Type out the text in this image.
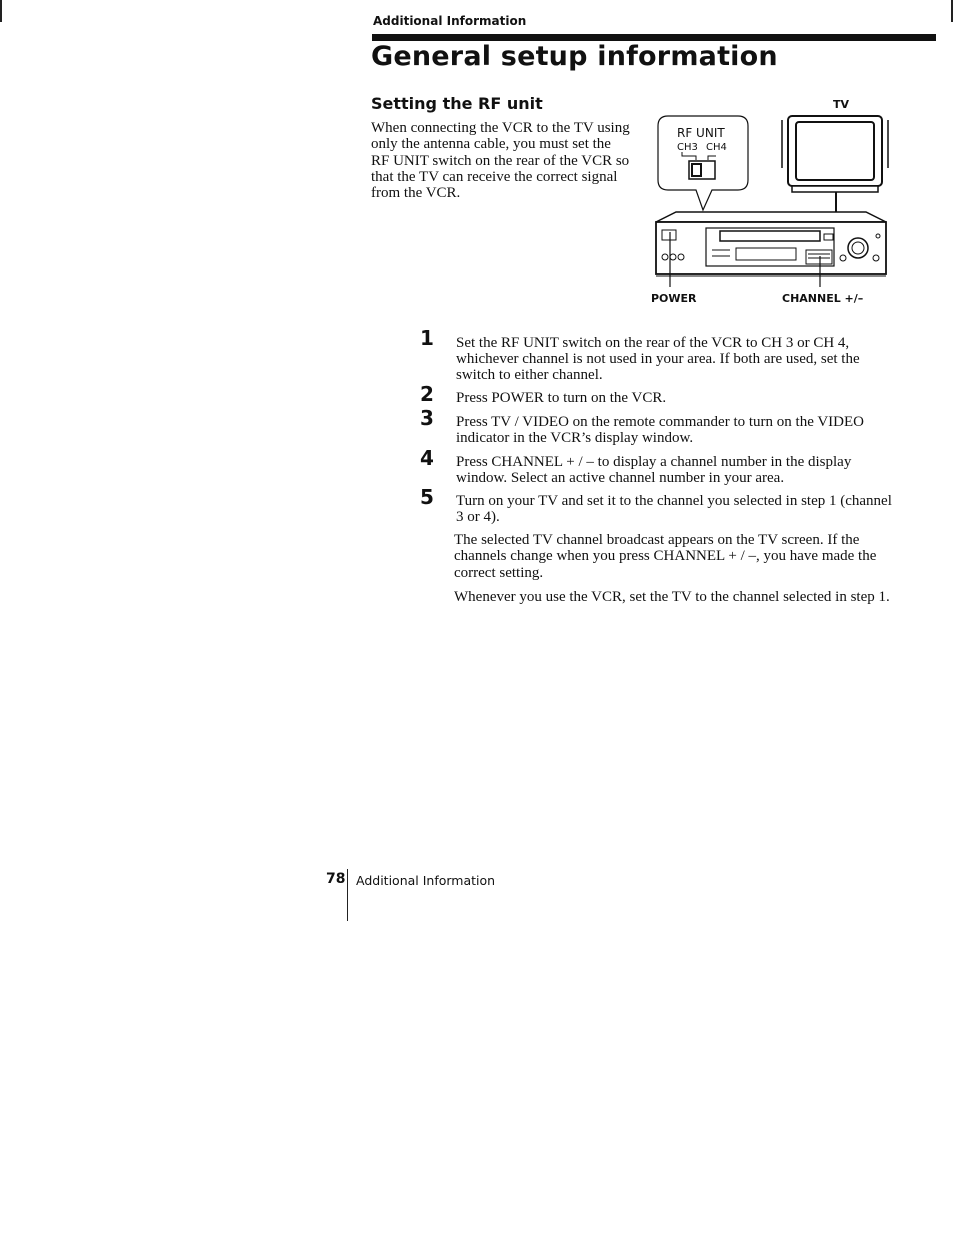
Additional Information
General setup information
Setting the RF unit
When connecting the VCR to the TV using only the antenna cable, you must set the RF UNIT switch on the rear of the VCR so that the TV can receive the correct signal from the VCR.
RF UNIT
CH3 CH4
TV
POWER	CHANNEL +/–
1	Set the RF UNIT switch on the rear of the VCR to CH 3 or CH 4, whichever channel is not used in your area. If both are used, set the switch to either channel.
2	Press POWER to turn on the VCR.
3	Press TV / VIDEO on the remote commander to turn on the VIDEO indicator in the VCR’s display window.
4	Press CHANNEL + / – to display a channel number in the display window. Select an active channel number in your area.
5	Turn on your TV and set it to the channel you selected in step 1 (channel 3 or 4).
The selected TV channel broadcast appears on the TV screen. If the channels change when you press CHANNEL + / –, you have made the correct setting.
Whenever you use the VCR, set the TV to the channel selected in step 1.
78 Additional Information
